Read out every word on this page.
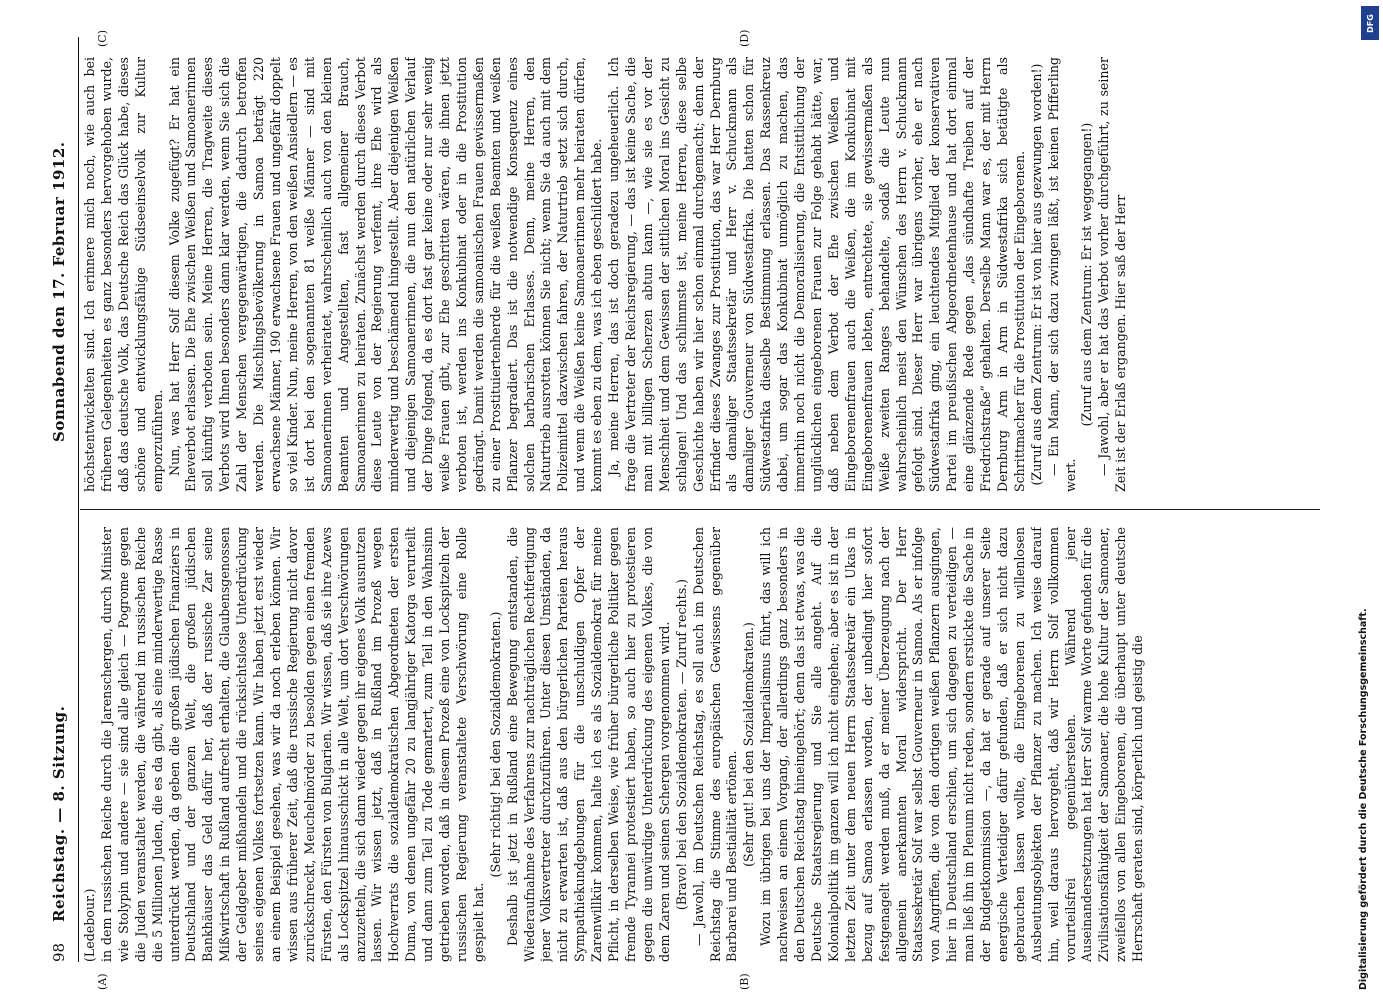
98
Reichstag. — 8. Sitzung.
Sonnabend den 17. Februar 1912.
(A)	(B)
(C)	(D)

(Ledebour.) in dem russischen Reiche durch die Jarenschergen, durch Minister wie Stolypin und andere — sie sind alle gleich — Pogrome gegen die Juden veranstaltet werden, die während im russischen Reiche die 5 Millionen Juden, die es da gibt, als eine minderwertige Rasse unterdrückt werden, da geben die großen jüdischen Finanziers in Deutschland und der ganzen Welt, die großen jüdischen Bankhäuser das Geld dafür her, daß der russische Zar seine Mißwirtschaft in Rußland aufrecht erhalten, die Glaubensgenossen der Geldgeber mißhandeln und die rücksichtslose Unterdrückung seines eigenen Volkes fortsetzen kann. Wir haben jetzt erst wieder an einem Beispiel gesehen, was wir da noch erleben können. Wir wissen aus früherer Zeit, daß die russische Regierung nicht davor zurückschreckt, Meuchelmörder zu besolden gegen einen fremden Fürsten, den Fürsten von Bulgarien. Wir wissen, daß sie ihre Azews als Lockspitzel hinausschickt in alle Welt, um dort Verschwörungen anzuzetteln, die sich dann wieder gegen ihr eigenes Volk ausnutzen lassen. Wir wissen jetzt, daß in Rußland im Prozeß wegen Hochverrats die sozialdemokratischen Abgeordneten der ersten Duma, von denen ungefähr 20 zu langjähriger Katorga verurteilt und dann zum Teil zu Tode gemartert, zum Teil in den Wahnsinn getrieben worden, daß in diesem Prozeß eine von Lockspitzeln der russischen Regierung veranstaltete Verschwörung eine Rolle gespielt hat.

(Sehr richtig! bei den Sozialdemokraten.) Deshalb ist jetzt in Rußland eine Bewegung entstanden, die Wiederaufnahme des Verfahrens zur nachträglichen Rechtfertigung jener Volksvertreter durchzuführen. Unter diesen Umständen, da nicht zu erwarten ist, daß aus den bürgerlichen Parteien heraus Sympathiekundgebungen für die unschuldigen Opfer der Zarenwillkür kommen, halte ich es als Sozialdemokrat für meine Pflicht, in derselben Weise, wie früher bürgerliche Politiker gegen fremde Tyrannei protestiert haben, so auch hier zu protestieren gegen die unwürdige Unterdrückung des eigenen Volkes, die von dem Zaren und seinen Schergen vorgenommen wird. (Bravo! bei den Sozialdemokraten. — Zuruf rechts.) — Jawohl, im Deutschen Reichstag, es soll auch im Deutschen Reichstag die Stimme des europäischen Gewissens gegenüber Barbarei und Bestialität ertönen. (Sehr gut! bei den Sozialdemokraten.) Wozu im übrigen bei uns der Imperialismus führt, das will ich nachweisen an einem Vorgang, der allerdings ganz besonders in den Deutschen Reichstag hineingehört; denn das ist etwas, was die Deutsche Staatsregierung und Sie alle angeht. Auf die Kolonialpolitik im ganzen will ich nicht eingehen; aber es ist in der letzten Zeit unter dem neuen Herrn Staatssekretär ein Ukas in bezug auf Samoa erlassen worden, der unbedingt hier sofort festgenagelt werden muß, da er meiner Überzeugung nach der allgemein anerkannten Moral widerspricht. Der Herr Staatssekretär Solf war selbst Gouverneur in Samoa. Als er infolge von Angriffen, die von den dortigen weißen Pflanzern ausgingen, hier in Deutschland erschien, um sich dagegen zu verteidigen — man ließ ihn im Plenum nicht reden, sondern erstickte die Sache in der Budgetkommission —, da hat er gerade auf unserer Seite energische Verteidiger dafür gefunden, daß er sich nicht dazu gebrauchen lassen wollte, die Eingeborenen zu willenlosen Ausbeutungsobjekten der Pflanzer zu machen. Ich weise darauf hin, weil daraus hervorgeht, daß wir Herrn Solf vollkommen vorurteilsfrei gegenüberstehen. Während jener Auseinandersetzungen hat Herr Solf warme Worte gefunden für die Zivilisationsfähigkeit der Samoaner, die hohe Kultur der Samoaner, zweifellos von allen Eingeborenen, die überhaupt unter deutsche Herrschaft geraten sind, körperlich und geistig die

höchstentwickelten sind. Ich erinnere mich noch, wie auch bei früheren Gelegenheiten es ganz besonders hervorgehoben wurde, daß das deutsche Volk, das Deutsche Reich das Glück habe, dieses schöne und entwicklungsfähige Südseeinselvolk zur Kultur emporzuführen. Nun, was hat Herr Solf diesem Volke zugefügt? Er hat ein Eheverbot erlassen. Die Ehe zwischen Weißen und Samoanerinnen soll künftig verboten sein. Meine Herren, die Tragweite dieses Verbots wird Ihnen besonders dann klar werden, wenn Sie sich die Zahl der Menschen vergegenwärtigen, die dadurch betroffen werden. Die Mischlingsbevölkerung in Samoa beträgt 220 erwachsene Männer, 190 erwachsene Frauen und ungefähr doppelt so viel Kinder. Nun, meine Herren, von den weißen Ansiedlern — es ist dort bei den sogenannten 81 weiße Männer — sind mit Samoanerinnen verheiratet, wahrscheinlich auch von den kleinen Beamten und Angestellten, fast allgemeiner Brauch, Samoanerinnen zu heiraten. Zunächst werden durch dieses Verbot diese Leute von der Regierung verfemt, ihre Ehe wird als minderwertig und beschämend hingestellt. Aber diejenigen Weißen und diejenigen Samoanerinnen, die nun den natürlichen Verlauf der Dinge folgend, da es dort fast gar keine oder nur sehr wenig weiße Frauen gibt, zur Ehe geschritten wären, die ihnen jetzt verboten ist, werden ins Konkubinat oder in die Prostitution gedrängt. Damit werden die samoanischen Frauen gewissermaßen zu einer Prostituiertenherde für die weißen Beamten und weißen Pflanzer begradiert. Das ist die notwendige Konsequenz eines solchen barbarischen Erlasses. Denn, meine Herren, den Naturtrieb ausrotten können Sie nicht; wenn Sie da auch mit dem Polizeimittel dazwischen fahren, der Naturtrieb setzt sich durch, und wenn die Weißen keine Samoanerinnen mehr heiraten dürfen, kommt es eben zu dem, was ich eben geschildert habe. Ja, meine Herren, das ist doch geradezu ungeheuerlich. Ich frage die Vertreter der Reichsregierung, — das ist keine Sache, die man mit billigen Scherzen abtun kann —, wie sie es vor der Menschheit und dem Gewissen der sittlichen Moral ins Gesicht zu schlagen! Und das schlimmste ist, meine Herren, diese selbe Geschichte haben wir hier schon einmal durchgemacht; denn der Erfinder dieses Zwanges zur Prostitution, das war Herr Dernburg als damaliger Staatssekretär und Herr v. Schuckmann als damaliger Gouverneur von Südwestafrika. Die hatten schon für Südwestafrika dieselbe Bestimmung erlassen. Das Rassenkreuz dabei, um sogar das Konkubinat unmöglich zu machen, das immerhin noch nicht die Demoralisierung, die Entsittlichung der unglücklichen eingeborenen Frauen zur Folge gehabt hätte, war, daß neben dem Verbot der Ehe zwischen Weißen und Eingeborenenfrauen auch die Weißen, die im Konkubinat mit Eingeborenenfrauen lebten, entrechtete, sie gewissermaßen als Weiße zweiten Ranges behandelte, sodaß die Leute nun wahrscheinlich meist den Wünschen des Herrn v. Schuckmann gefolgt sind. Dieser Herr war übrigens vorher, ehe er nach Südwestafrika ging, ein leuchtendes Mitglied der konservativen Partei im preußischen Abgeordnetenhause und hat dort einmal eine glänzende Rede gegen „das sündhafte Treiben auf der Friedrichstraße“ gehalten. Derselbe Mann war es, der mit Herrn Dernburg Arm in Arm in Südwestafrika sich betätigte als Schrittmacher für die Prostitution der Eingeborenen. (Zuruf aus dem Zentrum: Er ist von hier aus gezwungen worden!) — Ein Mann, der sich dazu zwingen läßt, ist keinen Pfifferling wert.

(Zuruf aus dem Zentrum: Er ist weggegangen!) — Jawohl, aber er hat das Verbot vorher durchgeführt, zu seiner Zeit ist der Erlaß ergangen. Hier saß der Herr

DFG
Digitalisierung gefördert durch die Deutsche Forschungsgemeinschaft.
